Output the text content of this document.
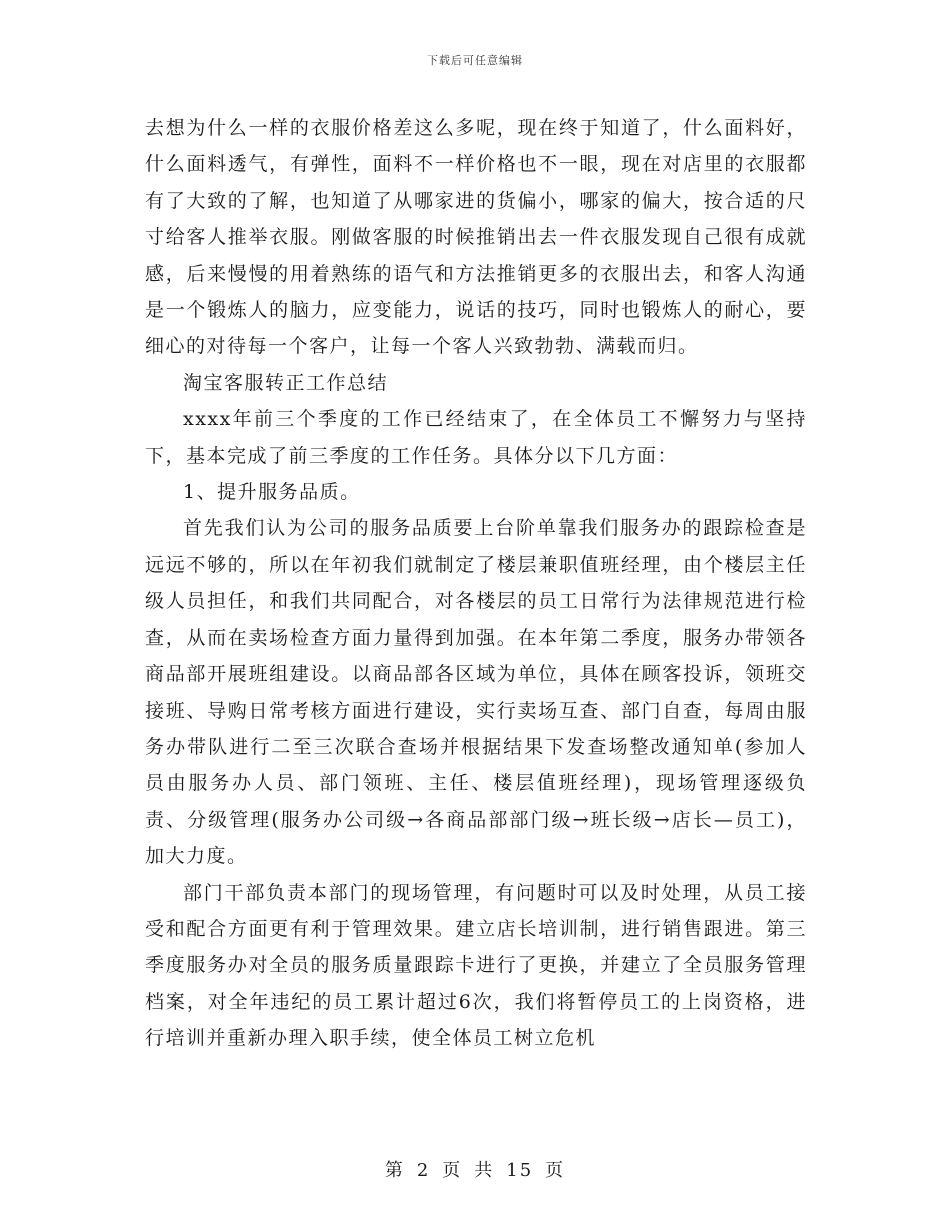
下载后可任意编辑

去想为什么一样的衣服价格差这么多呢，现在终于知道了，什么面料好，什么面料透气，有弹性，面料不一样价格也不一眼，现在对店里的衣服都有了大致的了解，也知道了从哪家进的货偏小，哪家的偏大，按合适的尺寸给客人推举衣服。刚做客服的时候推销出去一件衣服发现自己很有成就感，后来慢慢的用着熟练的语气和方法推销更多的衣服出去，和客人沟通是一个锻炼人的脑力，应变能力，说话的技巧，同时也锻炼人的耐心，要细心的对待每一个客户，让每一个客人兴致勃勃、满载而归。

淘宝客服转正工作总结

xxxx年前三个季度的工作已经结束了，在全体员工不懈努力与坚持下，基本完成了前三季度的工作任务。具体分以下几方面：

1、提升服务品质。

首先我们认为公司的服务品质要上台阶单靠我们服务办的跟踪检查是远远不够的，所以在年初我们就制定了楼层兼职值班经理，由个楼层主任级人员担任，和我们共同配合，对各楼层的员工日常行为法律规范进行检查，从而在卖场检查方面力量得到加强。在本年第二季度，服务办带领各商品部开展班组建设。以商品部各区域为单位，具体在顾客投诉，领班交接班、导购日常考核方面进行建设，实行卖场互查、部门自查，每周由服务办带队进行二至三次联合查场并根据结果下发查场整改通知单(参加人员由服务办人员、部门领班、主任、楼层值班经理)，现场管理逐级负责、分级管理(服务办公司级→各商品部部门级→班长级→店长—员工)，加大力度。

部门干部负责本部门的现场管理，有问题时可以及时处理，从员工接受和配合方面更有利于管理效果。建立店长培训制，进行销售跟进。第三季度服务办对全员的服务质量跟踪卡进行了更换，并建立了全员服务管理档案，对全年违纪的员工累计超过6次，我们将暂停员工的上岗资格，进行培训并重新办理入职手续，使全体员工树立危机

第 2 页 共 15 页
